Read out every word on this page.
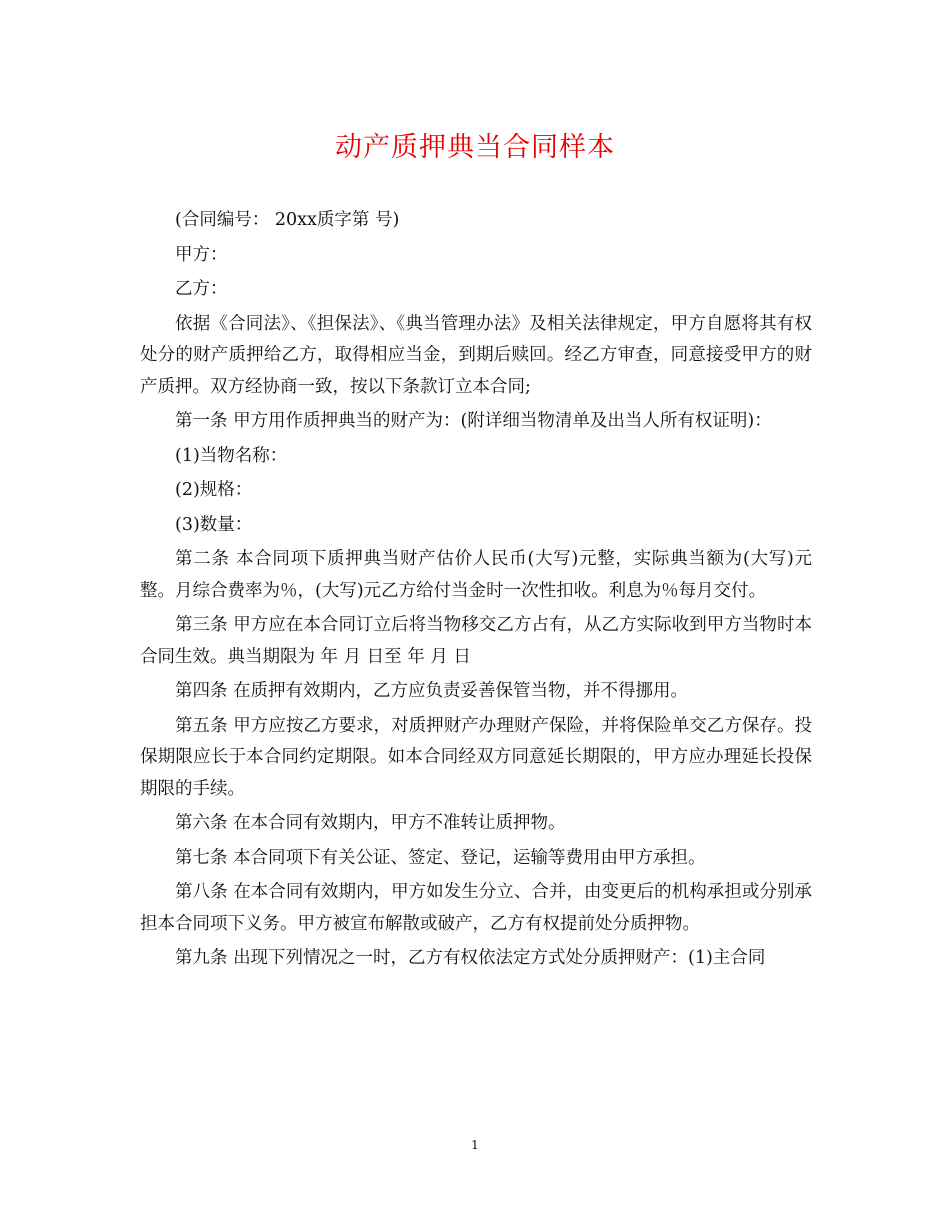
动产质押典当合同样本

(合同编号： 20xx质字第 号)

甲方：

乙方：

依据《合同法》、《担保法》、《典当管理办法》及相关法律规定，甲方自愿将其有权处分的财产质押给乙方，取得相应当金，到期后赎回。经乙方审查，同意接受甲方的财产质押。双方经协商一致，按以下条款订立本合同;

第一条 甲方用作质押典当的财产为：(附详细当物清单及出当人所有权证明)：

(1)当物名称：

(2)规格：

(3)数量：

第二条 本合同项下质押典当财产估价人民币(大写)元整，实际典当额为(大写)元整。月综合费率为％，(大写)元乙方给付当金时一次性扣收。利息为％每月交付。

第三条 甲方应在本合同订立后将当物移交乙方占有，从乙方实际收到甲方当物时本合同生效。典当期限为 年 月 日至 年 月 日

第四条 在质押有效期内，乙方应负责妥善保管当物，并不得挪用。

第五条 甲方应按乙方要求，对质押财产办理财产保险，并将保险单交乙方保存。投保期限应长于本合同约定期限。如本合同经双方同意延长期限的，甲方应办理延长投保期限的手续。

第六条 在本合同有效期内，甲方不准转让质押物。

第七条 本合同项下有关公证、签定、登记，运输等费用由甲方承担。

第八条 在本合同有效期内，甲方如发生分立、合并，由变更后的机构承担或分别承担本合同项下义务。甲方被宣布解散或破产，乙方有权提前处分质押物。

第九条 出现下列情况之一时，乙方有权依法定方式处分质押财产：(1)主合同

1
